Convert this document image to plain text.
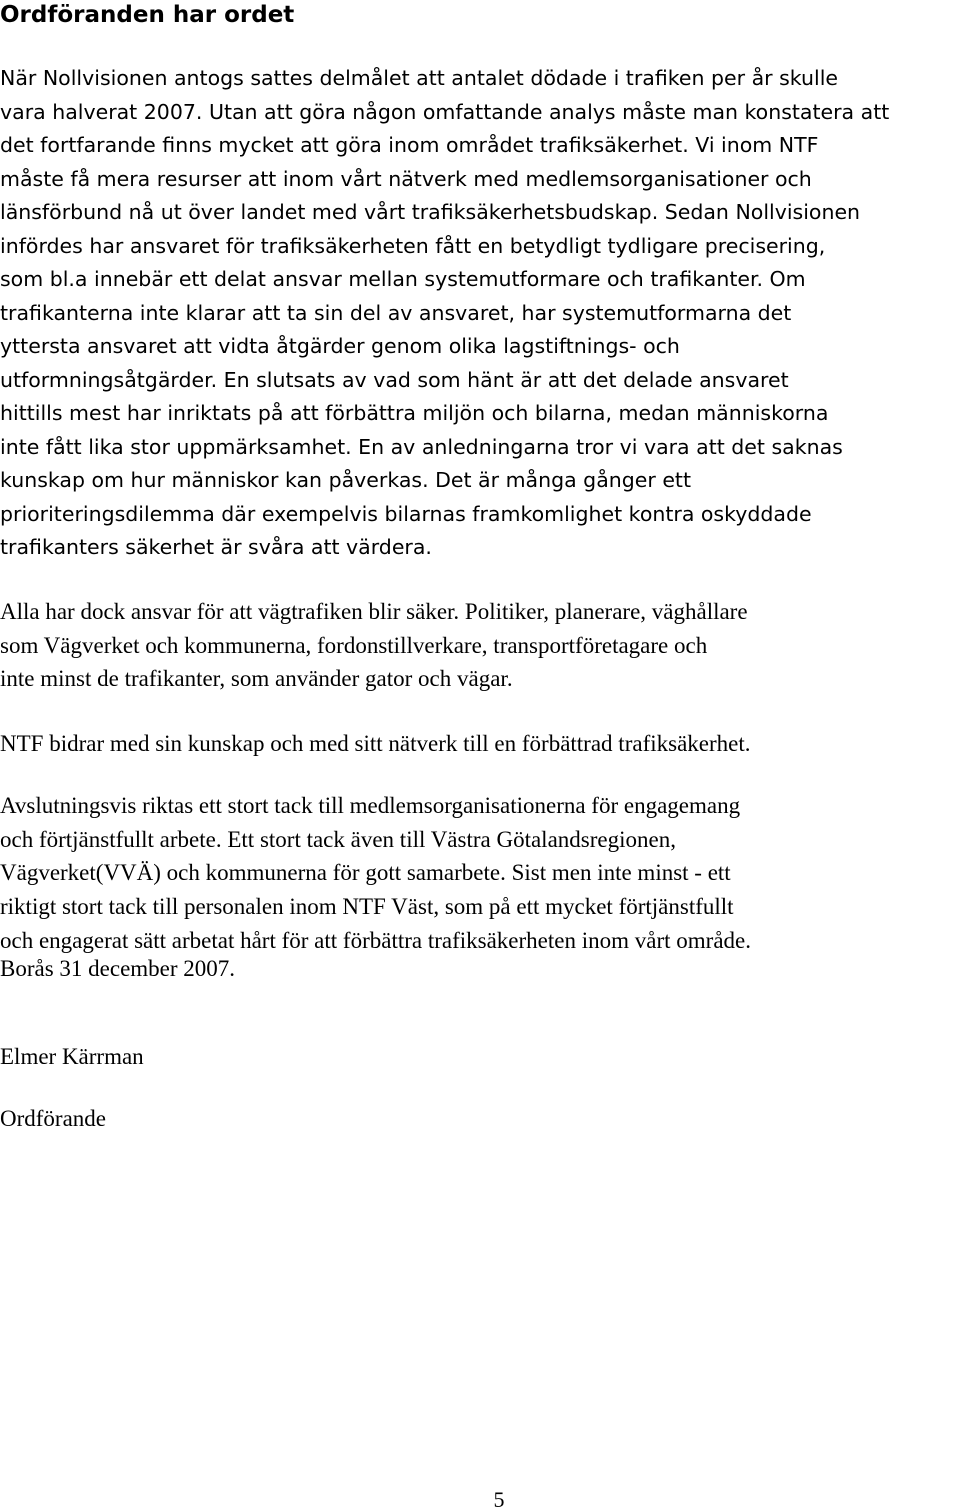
Ordföranden har ordet
När Nollvisionen antogs sattes delmålet att antalet dödade i trafiken per år skulle
vara halverat 2007. Utan att göra någon omfattande analys måste man konstatera att
det fortfarande finns mycket att göra inom området trafiksäkerhet. Vi inom NTF
måste få mera resurser att inom vårt nätverk med medlemsorganisationer och
länsförbund nå ut över landet med vårt trafiksäkerhetsbudskap. Sedan Nollvisionen
infördes har ansvaret för trafiksäkerheten fått en betydligt tydligare precisering,
som bl.a innebär ett delat ansvar mellan systemutformare och trafikanter. Om
trafikanterna inte klarar att ta sin del av ansvaret, har systemutformarna det
yttersta ansvaret att vidta åtgärder genom olika lagstiftnings- och
utformningsåtgärder. En slutsats av vad som hänt är att det delade ansvaret
hittills mest har inriktats på att förbättra miljön och bilarna, medan människorna
inte fått lika stor uppmärksamhet. En av anledningarna tror vi vara att det saknas
kunskap om hur människor kan påverkas. Det är många gånger ett
prioriteringsdilemma där exempelvis bilarnas framkomlighet kontra oskyddade
trafikanters säkerhet är svåra att värdera.
Alla har dock ansvar för att vägtrafiken blir säker. Politiker, planerare, väghållare
som Vägverket och kommunerna, fordonstillverkare, transportföretagare och
inte minst de trafikanter, som använder gator och vägar.
NTF bidrar med sin kunskap och med sitt nätverk till en förbättrad trafiksäkerhet.
Avslutningsvis riktas ett stort tack till medlemsorganisationerna för engagemang
och förtjänstfullt arbete. Ett stort tack även till Västra Götalandsregionen,
Vägverket(VVÄ) och kommunerna för gott samarbete. Sist men inte minst - ett
riktigt stort tack till personalen inom NTF Väst, som på ett mycket förtjänstfullt
och engagerat sätt arbetat hårt för att förbättra trafiksäkerheten inom vårt område.
Borås 31 december 2007.
Elmer Kärrman
Ordförande
5
